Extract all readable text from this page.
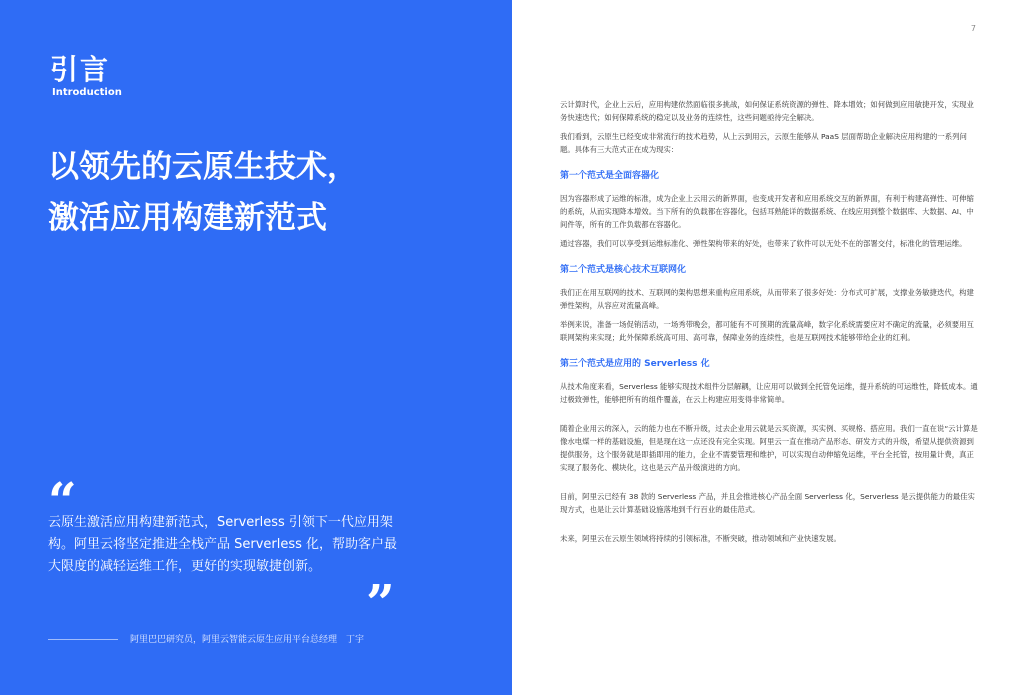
引言
Introduction
以领先的云原生技术，
激活应用构建新范式
“
云原生激活应用构建新范式，Serverless 引领下一代应用架构。阿里云将坚定推进全栈产品 Serverless 化，帮助客户最大限度的减轻运维工作，更好的实现敏捷创新。
”
阿里巴巴研究员，阿里云智能云原生应用平台总经理　丁宇
7

云计算时代，企业上云后，应用构建依然面临很多挑战，如何保证系统资源的弹性、降本增效；如何做到应用敏捷开发，实现业务快速迭代；如何保障系统的稳定以及业务的连续性，这些问题亟待完全解决。

我们看到，云原生已经变成非常流行的技术趋势，从上云到用云，云原生能够从 PaaS 层面帮助企业解决应用构建的一系列问题。具体有三大范式正在成为现实：

第一个范式是全面容器化

因为容器形成了运维的标准，成为企业上云用云的新界面，也变成开发者和应用系统交互的新界面，有利于构建高弹性、可伸缩的系统，从而实现降本增效。当下所有的负载都在容器化，包括耳熟能详的数据系统、在线应用到整个数据库、大数据、AI、中间件等，所有的工作负载都在容器化。

通过容器，我们可以享受到运维标准化、弹性架构带来的好处，也带来了软件可以无处不在的部署交付，标准化的管理运维。

第二个范式是核心技术互联网化

我们正在用互联网的技术、互联网的架构思想来重构应用系统，从而带来了很多好处：分布式可扩展，支撑业务敏捷迭代，构建弹性架构，从容应对流量高峰。

举例来说，准备一场促销活动，一场秀带晚会，都可能有不可预期的流量高峰，数字化系统需要应对不确定的流量，必须要用互联网架构来实现；此外保障系统高可用、高可靠，保障业务的连续性，也是互联网技术能够带给企业的红利。

第三个范式是应用的 Serverless 化

从技术角度来看，Serverless 能够实现技术组件分层解耦，让应用可以做到全托管免运维，提升系统的可运维性，降低成本。通过极致弹性，能够把所有的组件覆盖，在云上构建应用变得非常简单。

随着企业用云的深入，云的能力也在不断升级，过去企业用云就是云买资源，买实例、买规格、搭应用。我们一直在说“云计算是像水电煤一样的基础设施，但是现在这一点还没有完全实现。阿里云一直在推动产品形态、研发方式的升级，希望从提供资源到提供服务，这个服务就是即插即用的能力，企业不需要管理和维护，可以实现自动伸缩免运维，平台全托管，按用量计费，真正实现了服务化、模块化，这也是云产品升级演进的方向。

目前，阿里云已经有 38 款的 Serverless 产品，并且会推进核心产品全面 Serverless 化，Serverless 是云提供能力的最佳实现方式，也是让云计算基础设施落地到千行百业的最佳范式。

未来，阿里云在云原生领域将持续的引领标准，不断突破，推动领域和产业快速发展。
